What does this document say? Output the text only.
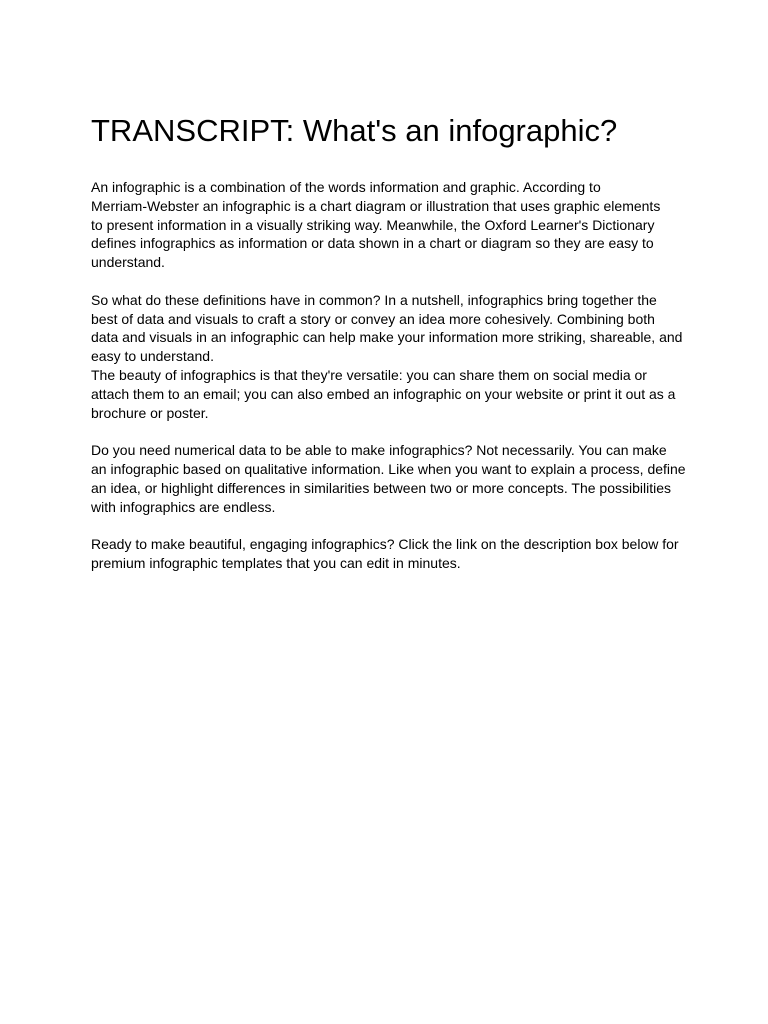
TRANSCRIPT: What's an infographic?

An infographic is a combination of the words information and graphic. According to
Merriam-Webster an infographic is a chart diagram or illustration that uses graphic elements
to present information in a visually striking way. Meanwhile, the Oxford Learner's Dictionary
defines infographics as information or data shown in a chart or diagram so they are easy to
understand.

So what do these definitions have in common? In a nutshell, infographics bring together the
best of data and visuals to craft a story or convey an idea more cohesively. Combining both
data and visuals in an infographic can help make your information more striking, shareable, and
easy to understand.

The beauty of infographics is that they're versatile: you can share them on social media or
attach them to an email; you can also embed an infographic on your website or print it out as a
brochure or poster.

Do you need numerical data to be able to make infographics? Not necessarily. You can make
an infographic based on qualitative information. Like when you want to explain a process, define
an idea, or highlight differences in similarities between two or more concepts. The possibilities
with infographics are endless.

Ready to make beautiful, engaging infographics? Click the link on the description box below for
premium infographic templates that you can edit in minutes.
